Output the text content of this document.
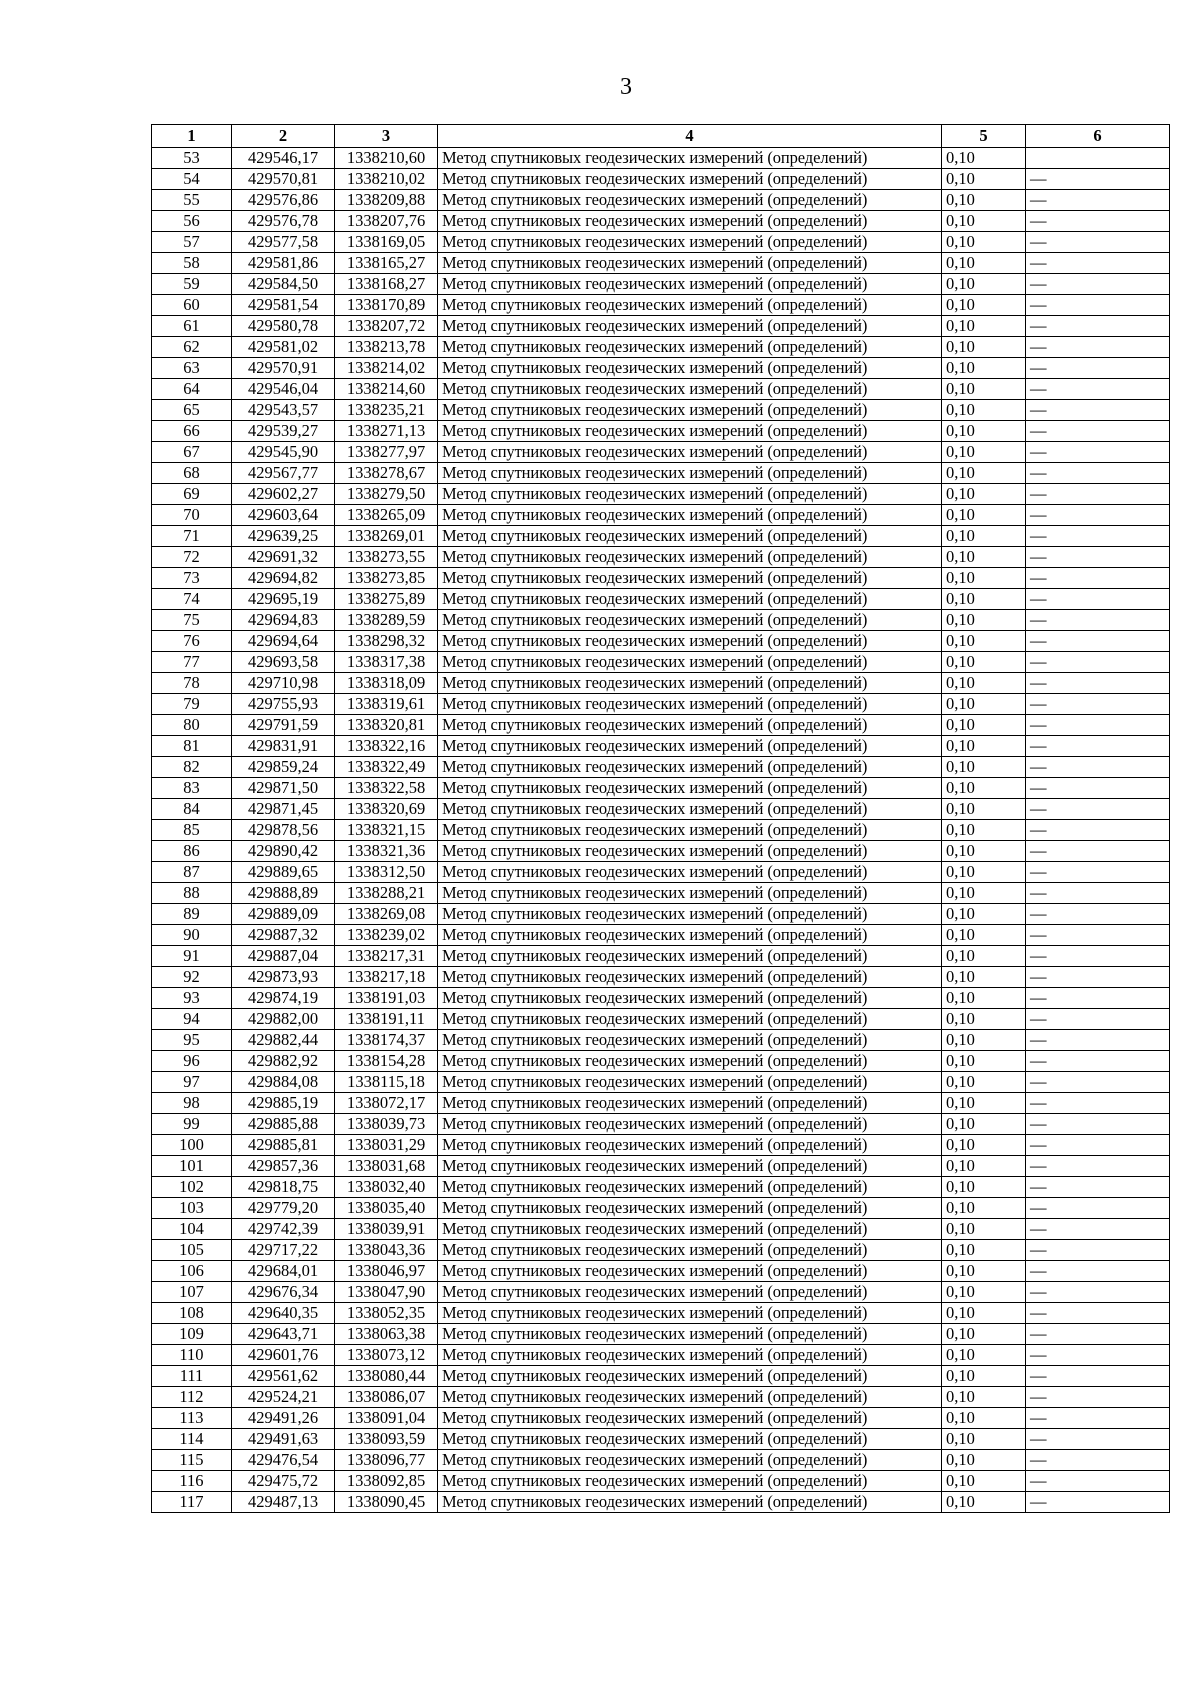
3
1	2	3	4	5	6
53	429546,17	1338210,60	Метод спутниковых геодезических измерений (определений)	0,10	
54	429570,81	1338210,02	Метод спутниковых геодезических измерений (определений)	0,10	—
55	429576,86	1338209,88	Метод спутниковых геодезических измерений (определений)	0,10	—
56	429576,78	1338207,76	Метод спутниковых геодезических измерений (определений)	0,10	—
57	429577,58	1338169,05	Метод спутниковых геодезических измерений (определений)	0,10	—
58	429581,86	1338165,27	Метод спутниковых геодезических измерений (определений)	0,10	—
59	429584,50	1338168,27	Метод спутниковых геодезических измерений (определений)	0,10	—
60	429581,54	1338170,89	Метод спутниковых геодезических измерений (определений)	0,10	—
61	429580,78	1338207,72	Метод спутниковых геодезических измерений (определений)	0,10	—
62	429581,02	1338213,78	Метод спутниковых геодезических измерений (определений)	0,10	—
63	429570,91	1338214,02	Метод спутниковых геодезических измерений (определений)	0,10	—
64	429546,04	1338214,60	Метод спутниковых геодезических измерений (определений)	0,10	—
65	429543,57	1338235,21	Метод спутниковых геодезических измерений (определений)	0,10	—
66	429539,27	1338271,13	Метод спутниковых геодезических измерений (определений)	0,10	—
67	429545,90	1338277,97	Метод спутниковых геодезических измерений (определений)	0,10	—
68	429567,77	1338278,67	Метод спутниковых геодезических измерений (определений)	0,10	—
69	429602,27	1338279,50	Метод спутниковых геодезических измерений (определений)	0,10	—
70	429603,64	1338265,09	Метод спутниковых геодезических измерений (определений)	0,10	—
71	429639,25	1338269,01	Метод спутниковых геодезических измерений (определений)	0,10	—
72	429691,32	1338273,55	Метод спутниковых геодезических измерений (определений)	0,10	—
73	429694,82	1338273,85	Метод спутниковых геодезических измерений (определений)	0,10	—
74	429695,19	1338275,89	Метод спутниковых геодезических измерений (определений)	0,10	—
75	429694,83	1338289,59	Метод спутниковых геодезических измерений (определений)	0,10	—
76	429694,64	1338298,32	Метод спутниковых геодезических измерений (определений)	0,10	—
77	429693,58	1338317,38	Метод спутниковых геодезических измерений (определений)	0,10	—
78	429710,98	1338318,09	Метод спутниковых геодезических измерений (определений)	0,10	—
79	429755,93	1338319,61	Метод спутниковых геодезических измерений (определений)	0,10	—
80	429791,59	1338320,81	Метод спутниковых геодезических измерений (определений)	0,10	—
81	429831,91	1338322,16	Метод спутниковых геодезических измерений (определений)	0,10	—
82	429859,24	1338322,49	Метод спутниковых геодезических измерений (определений)	0,10	—
83	429871,50	1338322,58	Метод спутниковых геодезических измерений (определений)	0,10	—
84	429871,45	1338320,69	Метод спутниковых геодезических измерений (определений)	0,10	—
85	429878,56	1338321,15	Метод спутниковых геодезических измерений (определений)	0,10	—
86	429890,42	1338321,36	Метод спутниковых геодезических измерений (определений)	0,10	—
87	429889,65	1338312,50	Метод спутниковых геодезических измерений (определений)	0,10	—
88	429888,89	1338288,21	Метод спутниковых геодезических измерений (определений)	0,10	—
89	429889,09	1338269,08	Метод спутниковых геодезических измерений (определений)	0,10	—
90	429887,32	1338239,02	Метод спутниковых геодезических измерений (определений)	0,10	—
91	429887,04	1338217,31	Метод спутниковых геодезических измерений (определений)	0,10	—
92	429873,93	1338217,18	Метод спутниковых геодезических измерений (определений)	0,10	—
93	429874,19	1338191,03	Метод спутниковых геодезических измерений (определений)	0,10	—
94	429882,00	1338191,11	Метод спутниковых геодезических измерений (определений)	0,10	—
95	429882,44	1338174,37	Метод спутниковых геодезических измерений (определений)	0,10	—
96	429882,92	1338154,28	Метод спутниковых геодезических измерений (определений)	0,10	—
97	429884,08	1338115,18	Метод спутниковых геодезических измерений (определений)	0,10	—
98	429885,19	1338072,17	Метод спутниковых геодезических измерений (определений)	0,10	—
99	429885,88	1338039,73	Метод спутниковых геодезических измерений (определений)	0,10	—
100	429885,81	1338031,29	Метод спутниковых геодезических измерений (определений)	0,10	—
101	429857,36	1338031,68	Метод спутниковых геодезических измерений (определений)	0,10	—
102	429818,75	1338032,40	Метод спутниковых геодезических измерений (определений)	0,10	—
103	429779,20	1338035,40	Метод спутниковых геодезических измерений (определений)	0,10	—
104	429742,39	1338039,91	Метод спутниковых геодезических измерений (определений)	0,10	—
105	429717,22	1338043,36	Метод спутниковых геодезических измерений (определений)	0,10	—
106	429684,01	1338046,97	Метод спутниковых геодезических измерений (определений)	0,10	—
107	429676,34	1338047,90	Метод спутниковых геодезических измерений (определений)	0,10	—
108	429640,35	1338052,35	Метод спутниковых геодезических измерений (определений)	0,10	—
109	429643,71	1338063,38	Метод спутниковых геодезических измерений (определений)	0,10	—
110	429601,76	1338073,12	Метод спутниковых геодезических измерений (определений)	0,10	—
111	429561,62	1338080,44	Метод спутниковых геодезических измерений (определений)	0,10	—
112	429524,21	1338086,07	Метод спутниковых геодезических измерений (определений)	0,10	—
113	429491,26	1338091,04	Метод спутниковых геодезических измерений (определений)	0,10	—
114	429491,63	1338093,59	Метод спутниковых геодезических измерений (определений)	0,10	—
115	429476,54	1338096,77	Метод спутниковых геодезических измерений (определений)	0,10	—
116	429475,72	1338092,85	Метод спутниковых геодезических измерений (определений)	0,10	—
117	429487,13	1338090,45	Метод спутниковых геодезических измерений (определений)	0,10	—
